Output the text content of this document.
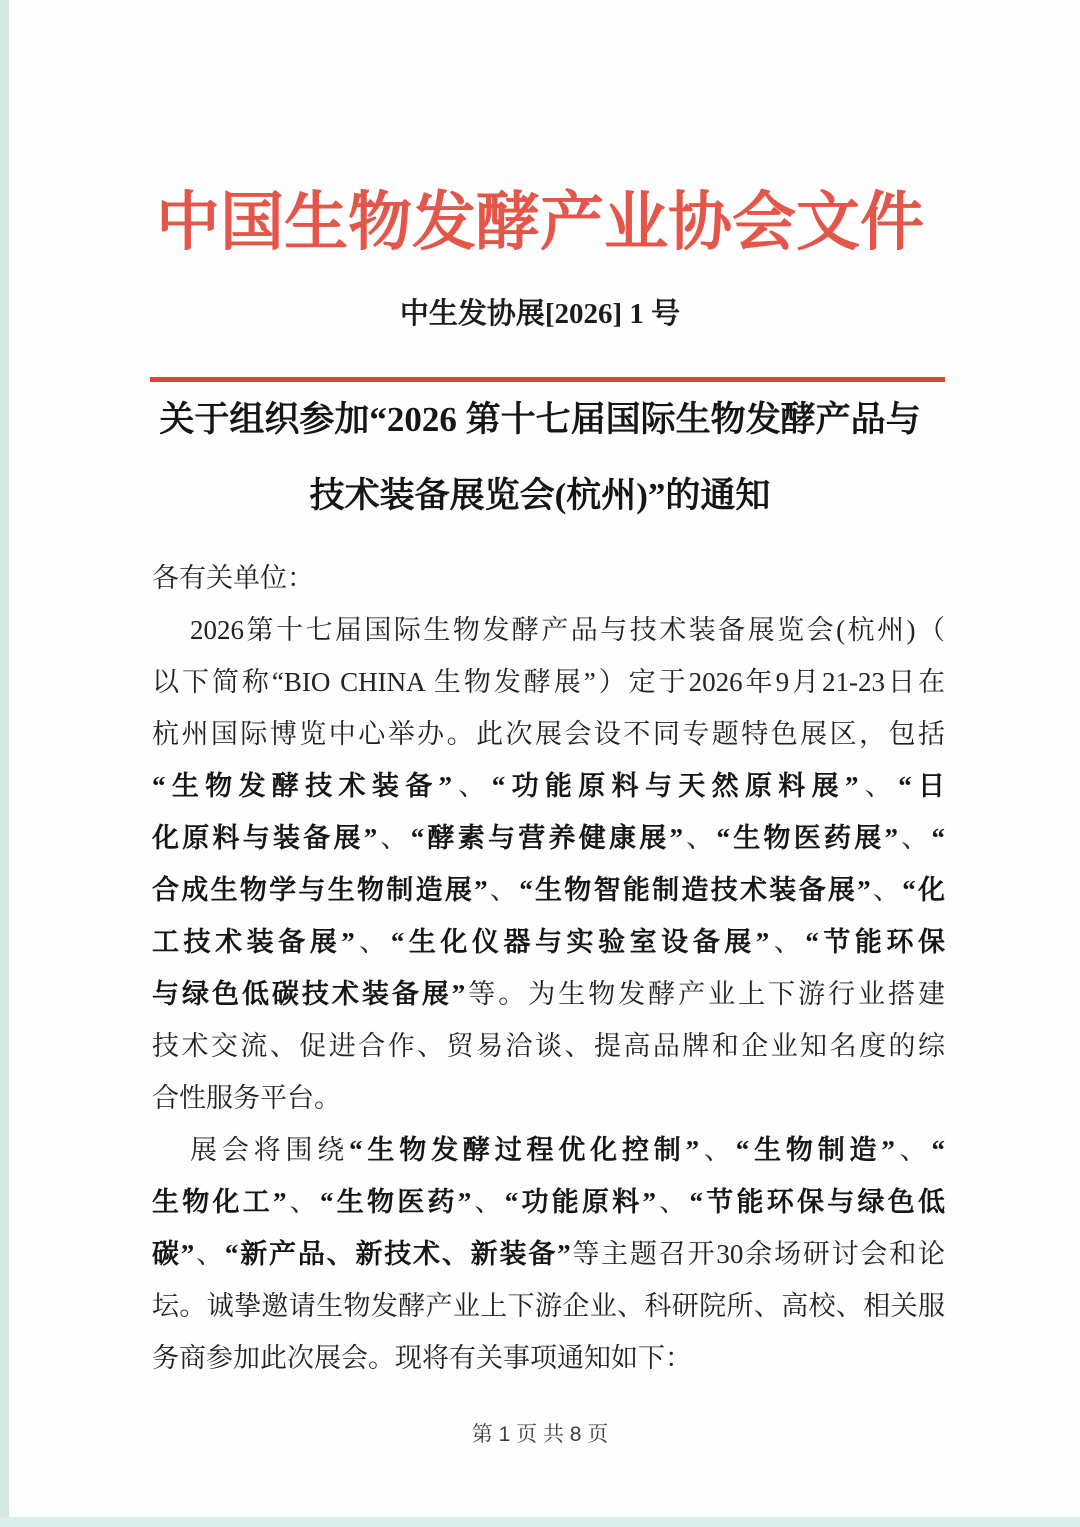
中国生物发酵产业协会文件
中生发协展[2026] 1 号
关于组织参加“2026 第十七届国际生物发酵产品与
技术装备展览会(杭州)”的通知
各有关单位：
2026第十七届国际生物发酵产品与技术装备展览会(杭州)（
以下简称“BIO CHINA 生物发酵展”）定于2026年9月21-23日在
杭州国际博览中心举办。此次展会设不同专题特色展区，包括
“生物发酵技术装备”、“功能原料与天然原料展”、“日
化原料与装备展”、“酵素与营养健康展”、“生物医药展”、“
合成生物学与生物制造展”、“生物智能制造技术装备展”、“化
工技术装备展”、“生化仪器与实验室设备展”、“节能环保
与绿色低碳技术装备展”等。为生物发酵产业上下游行业搭建
技术交流、促进合作、贸易洽谈、提高品牌和企业知名度的综
合性服务平台。
展会将围绕“生物发酵过程优化控制”、“生物制造”、“
生物化工”、“生物医药”、“功能原料”、“节能环保与绿色低
碳”、“新产品、新技术、新装备”等主题召开30余场研讨会和论
坛。诚挚邀请生物发酵产业上下游企业、科研院所、高校、相关服
务商参加此次展会。现将有关事项通知如下：
第 1 页 共 8 页
